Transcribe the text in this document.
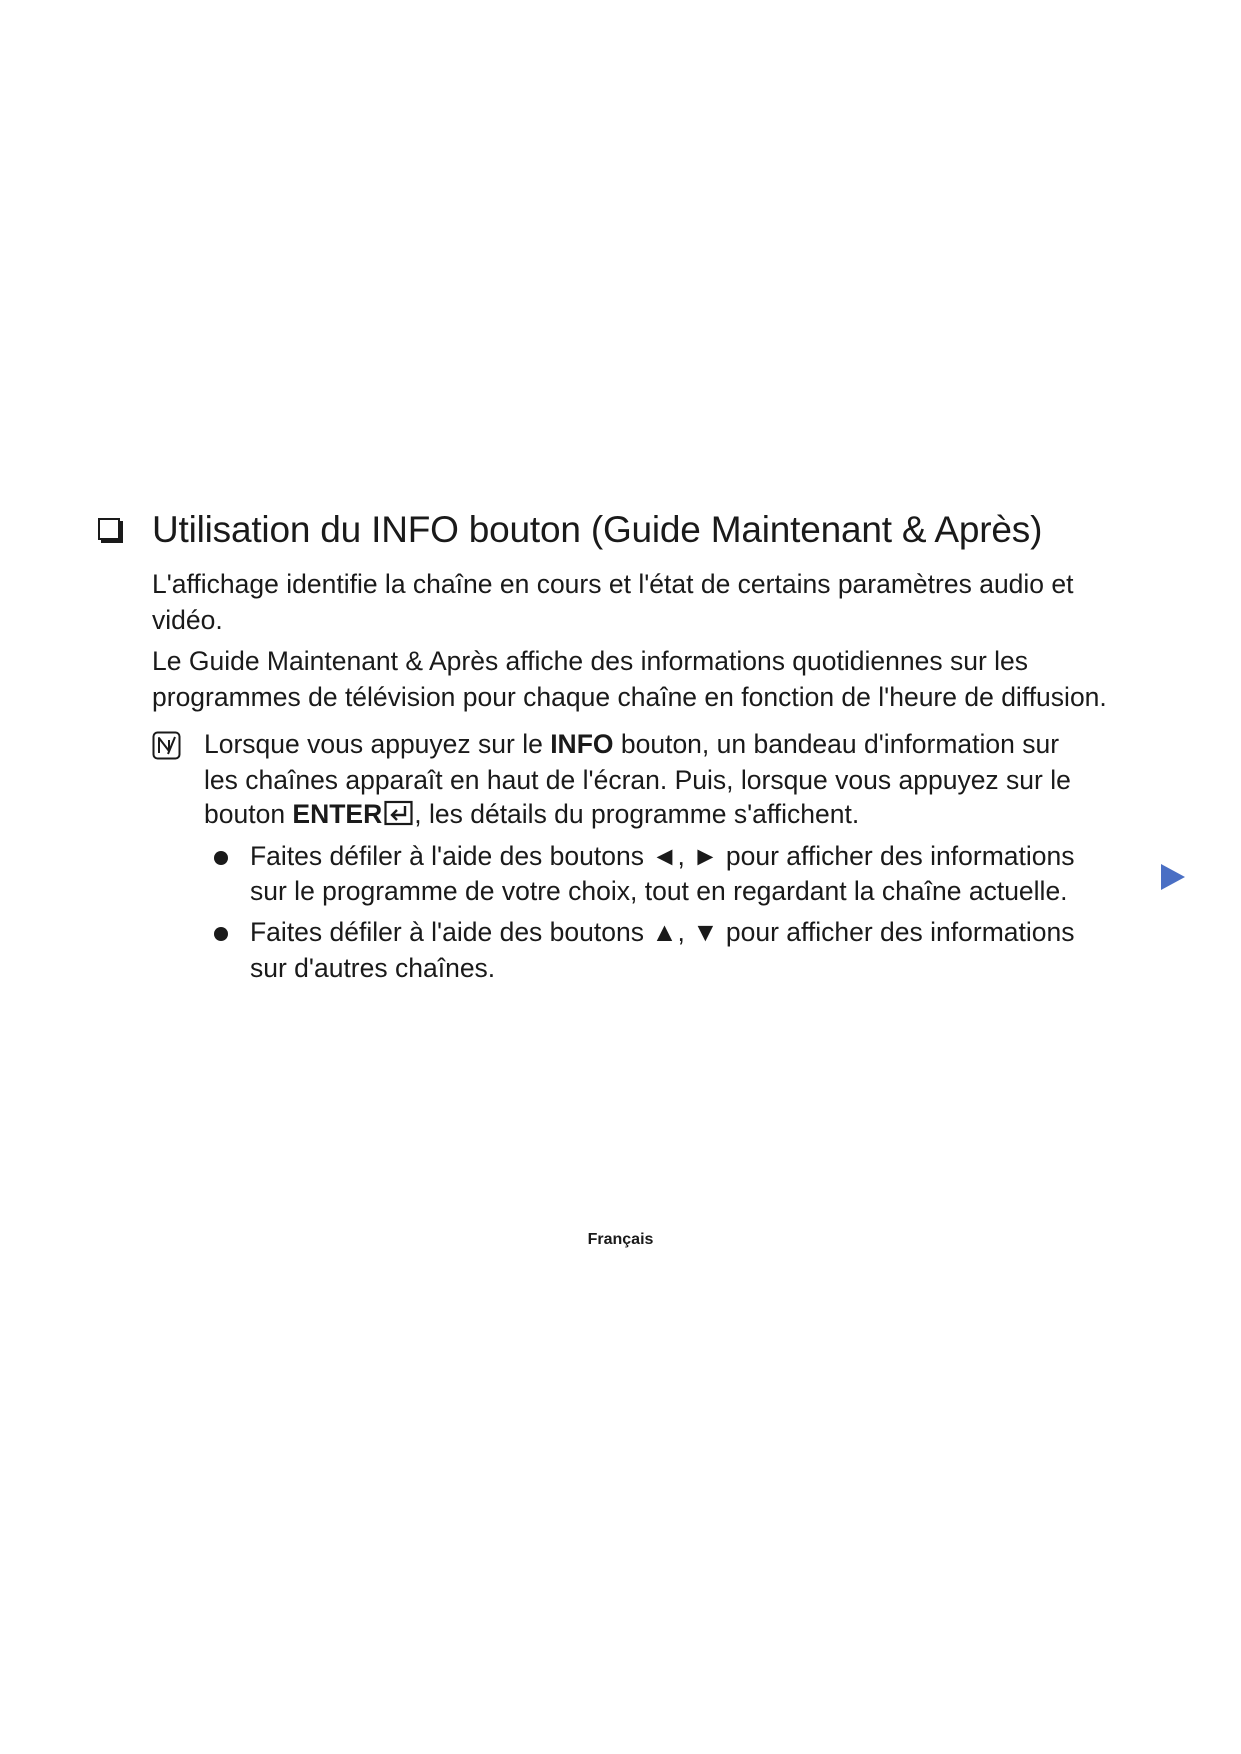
Utilisation du INFO bouton (Guide Maintenant & Après)
L'affichage identifie la chaîne en cours et l'état de certains paramètres audio et
vidéo.
Le Guide Maintenant & Après affiche des informations quotidiennes sur les
programmes de télévision pour chaque chaîne en fonction de l'heure de diffusion.
Lorsque vous appuyez sur le INFO bouton, un bandeau d'information sur
les chaînes apparaît en haut de l'écran. Puis, lorsque vous appuyez sur le
bouton ENTER , les détails du programme s'affichent.
Faites défiler à l'aide des boutons ◄, ► pour afficher des informations
sur le programme de votre choix, tout en regardant la chaîne actuelle.
Faites défiler à l'aide des boutons ▲, ▼ pour afficher des informations
sur d'autres chaînes.
Français
